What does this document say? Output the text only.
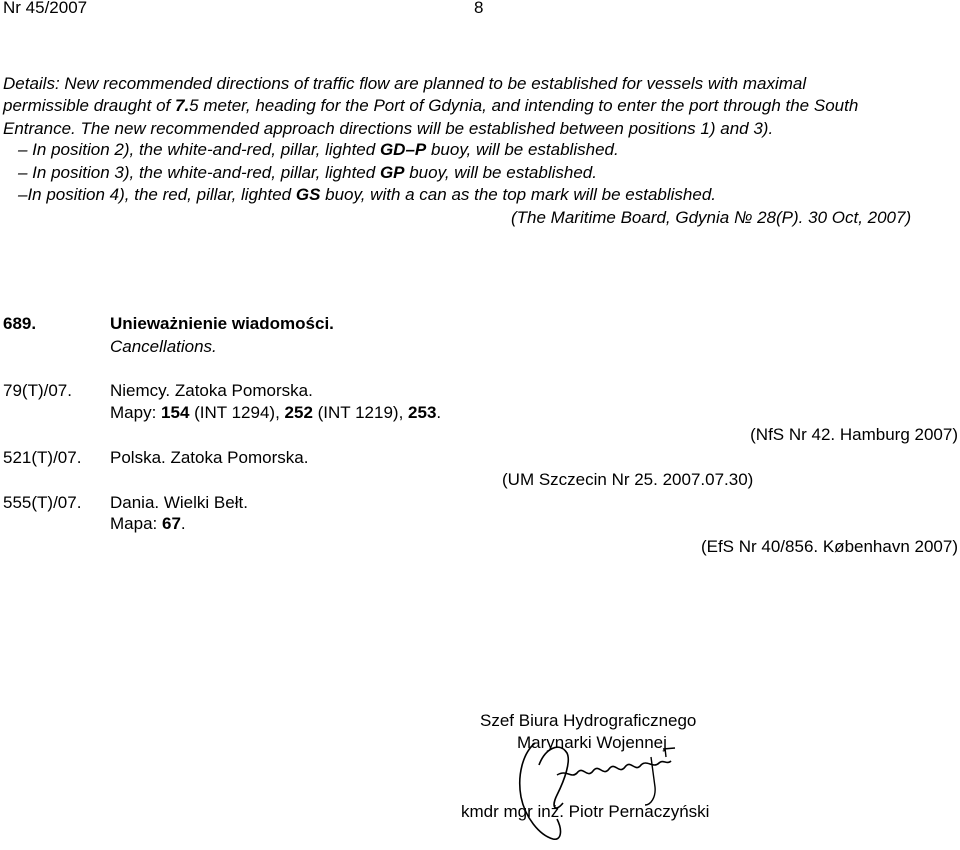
Nr 45/2007	8
Details: New recommended directions of traffic flow are planned to be established for vessels with maximal
permissible draught of 7.5 meter, heading for the Port of Gdynia, and intending to enter the port through the South
Entrance. The new recommended approach directions will be established between positions 1) and 3).
– In position 2), the white-and-red, pillar, lighted GD–P buoy, will be established.
– In position 3), the white-and-red, pillar, lighted GP buoy, will be established.
–In position 4), the red, pillar, lighted GS buoy, with a can as the top mark will be established.
(The Maritime Board, Gdynia № 28(P). 30 Oct, 2007)
689.	Unieważnienie wiadomości.
Cancellations.
79(T)/07. Niemcy. Zatoka Pomorska.
Mapy: 154 (INT 1294), 252 (INT 1219), 253.
(NfS Nr 42. Hamburg 2007)
521(T)/07. Polska. Zatoka Pomorska.
(UM Szczecin Nr 25. 2007.07.30)
555(T)/07. Dania. Wielki Bełt.
Mapa: 67.
(EfS Nr 40/856. København 2007)
Szef Biura Hydrograficznego
Marynarki Wojennej
kmdr mgr inż. Piotr Pernaczyński
